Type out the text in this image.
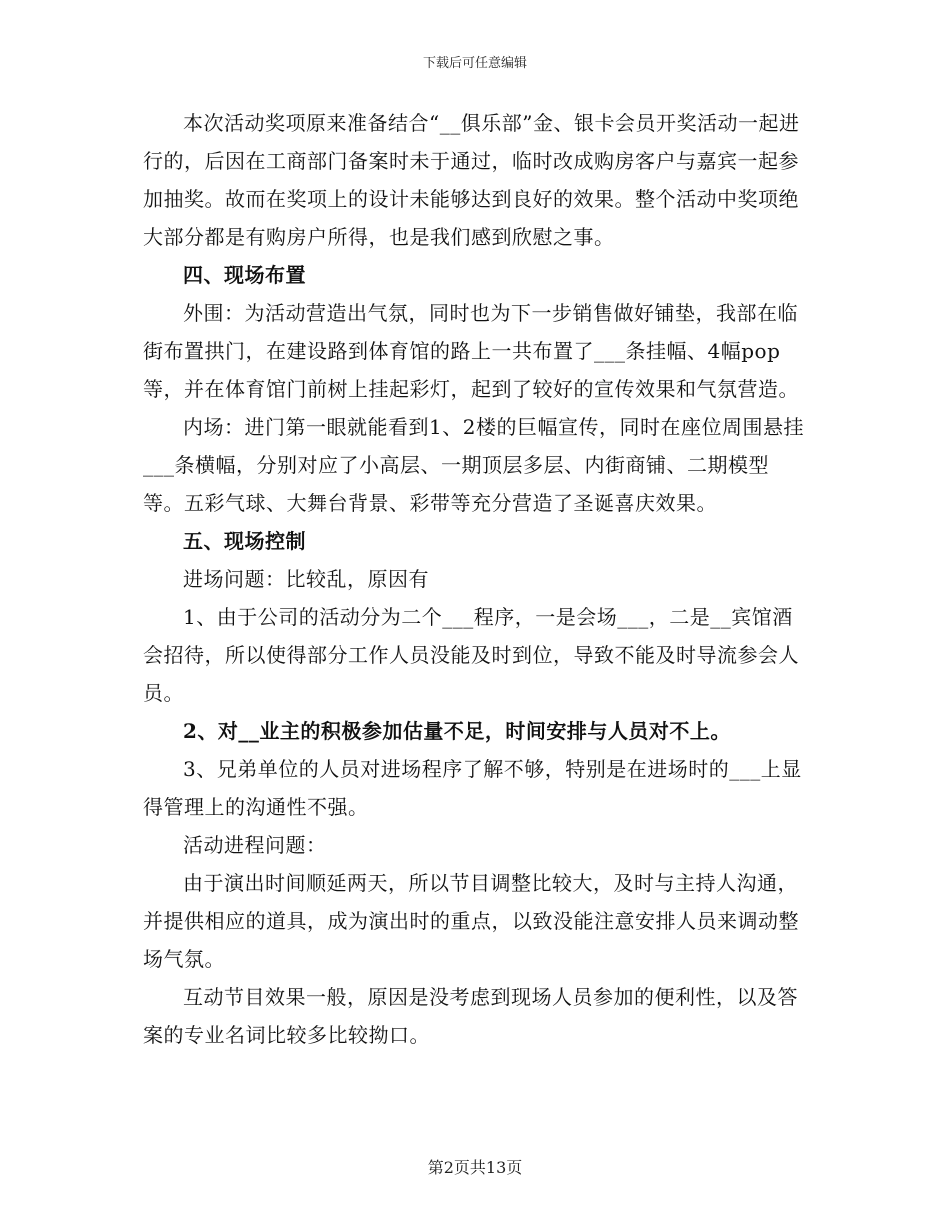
下载后可任意编辑

本次活动奖项原来准备结合“__俱乐部”金、银卡会员开奖活动一起进行的，后因在工商部门备案时未于通过，临时改成购房客户与嘉宾一起参加抽奖。故而在奖项上的设计未能够达到良好的效果。整个活动中奖项绝大部分都是有购房户所得，也是我们感到欣慰之事。

四、现场布置

外围：为活动营造出气氛，同时也为下一步销售做好铺垫，我部在临街布置拱门，在建设路到体育馆的路上一共布置了___条挂幅、4幅pop等，并在体育馆门前树上挂起彩灯，起到了较好的宣传效果和气氛营造。

内场：进门第一眼就能看到1、2楼的巨幅宣传，同时在座位周围悬挂___条横幅，分别对应了小高层、一期顶层多层、内街商铺、二期模型等。五彩气球、大舞台背景、彩带等充分营造了圣诞喜庆效果。

五、现场控制

进场问题：比较乱，原因有

1、由于公司的活动分为二个___程序，一是会场___，二是__宾馆酒会招待，所以使得部分工作人员没能及时到位，导致不能及时导流参会人员。

2、对__业主的积极参加估量不足，时间安排与人员对不上。

3、兄弟单位的人员对进场程序了解不够，特别是在进场时的___上显得管理上的沟通性不强。

活动进程问题：

由于演出时间顺延两天，所以节目调整比较大，及时与主持人沟通，并提供相应的道具，成为演出时的重点，以致没能注意安排人员来调动整场气氛。

互动节目效果一般，原因是没考虑到现场人员参加的便利性，以及答案的专业名词比较多比较拗口。

第2页共13页
